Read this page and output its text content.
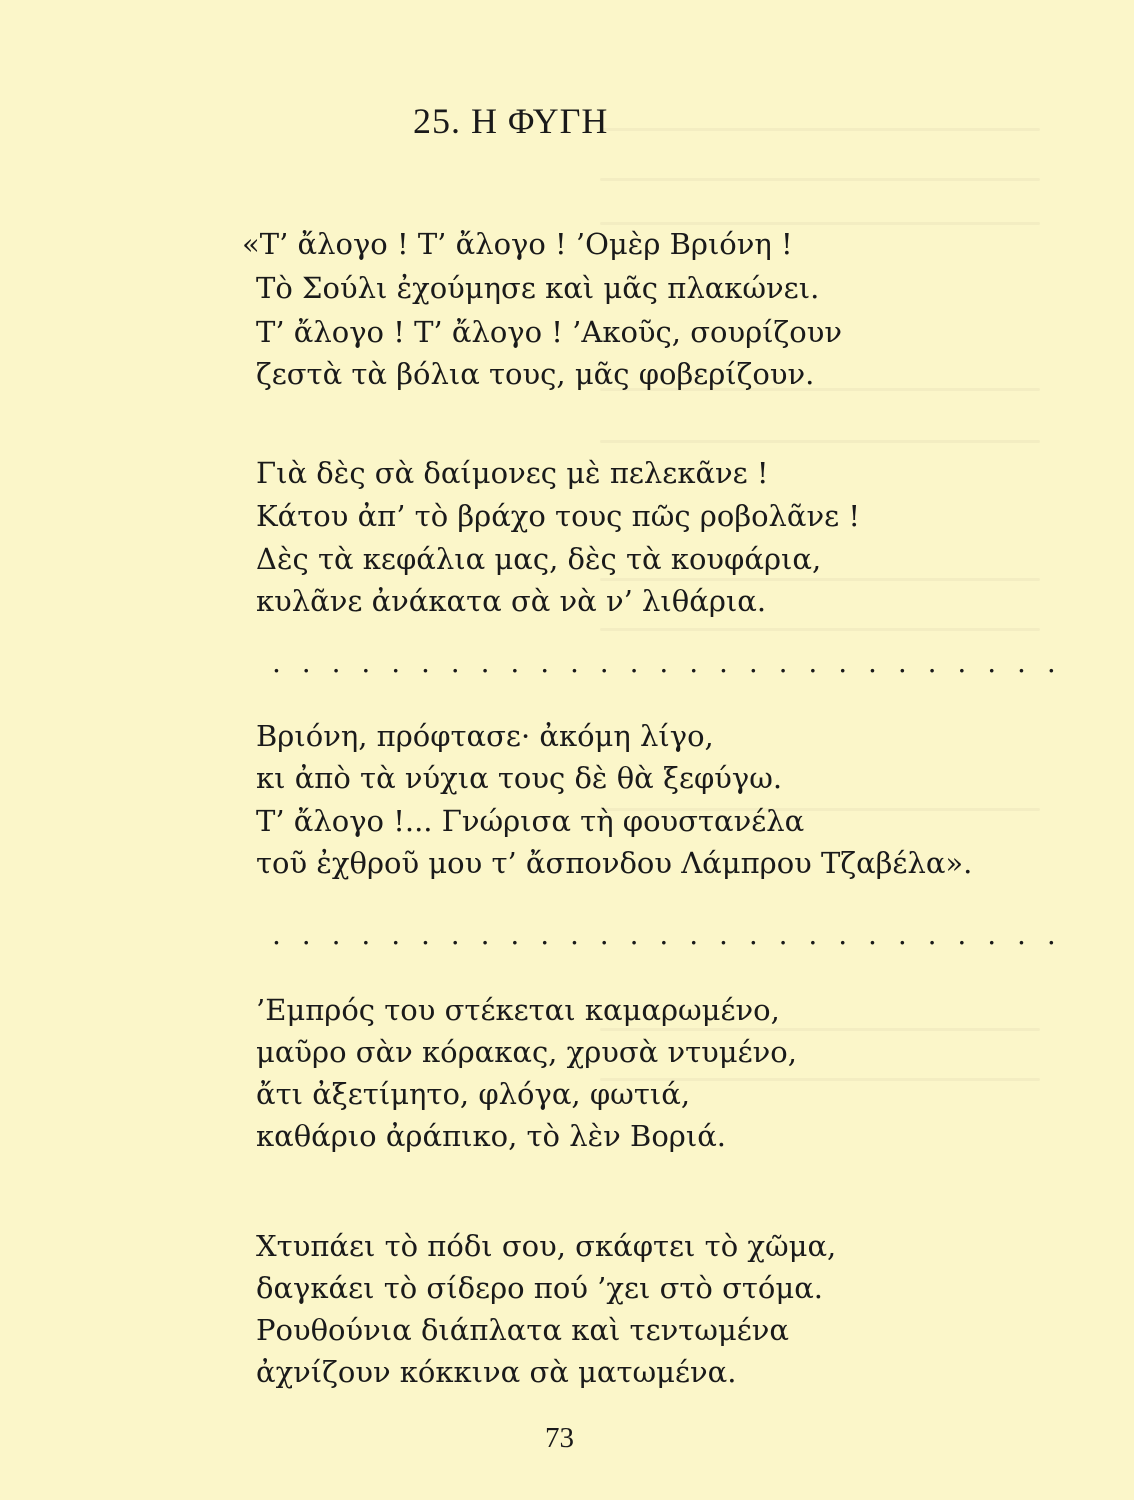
25. Η ΦΥΓΗ
«Τ’ ἄλογο ! Τ’ ἄλογο ! ’Ομὲρ Βριόνη !
Τὸ Σούλι ἐχούμησε καὶ μᾶς πλακώνει.
Τ’ ἄλογο ! Τ’ ἄλογο ! ’Ακοῦς, σουρίζουν
ζεστὰ τὰ βόλια τους, μᾶς φοβερίζουν.
Γιὰ δὲς σὰ δαίμονες μὲ πελεκᾶνε !
Κάτου ἀπ’ τὸ βράχο τους πῶς ροβολᾶνε !
Δὲς τὰ κεφάλια μας, δὲς τὰ κουφάρια,
κυλᾶνε ἀνάκατα σὰ νὰ ν’ λιθάρια.
. . . . . . . . . . . . . . . . . . . . . . . . . . .
Βριόνη, πρόφτασε· ἀκόμη λίγο,
κι ἀπὸ τὰ νύχια τους δὲ θὰ ξεφύγω.
Τ’ ἄλογο !... Γνώρισα τὴ φουστανέλα
τοῦ ἐχθροῦ μου τ’ ἄσπονδου Λάμπρου Τζαβέλα».
. . . . . . . . . . . . . . . . . . . . . . . . . . .
’Εμπρός του στέκεται καμαρωμένο,
μαῦρο σὰν κόρακας, χρυσὰ ντυμένο,
ἄτι ἀξετίμητο, φλόγα, φωτιά,
καθάριο ἀράπικο, τὸ λὲν Βοριά.
Χτυπάει τὸ πόδι σου, σκάφτει τὸ χῶμα,
δαγκάει τὸ σίδερο πού ’χει στὸ στόμα.
Ρουθούνια διάπλατα καὶ τεντωμένα
ἀχνίζουν κόκκινα σὰ ματωμένα.
73
